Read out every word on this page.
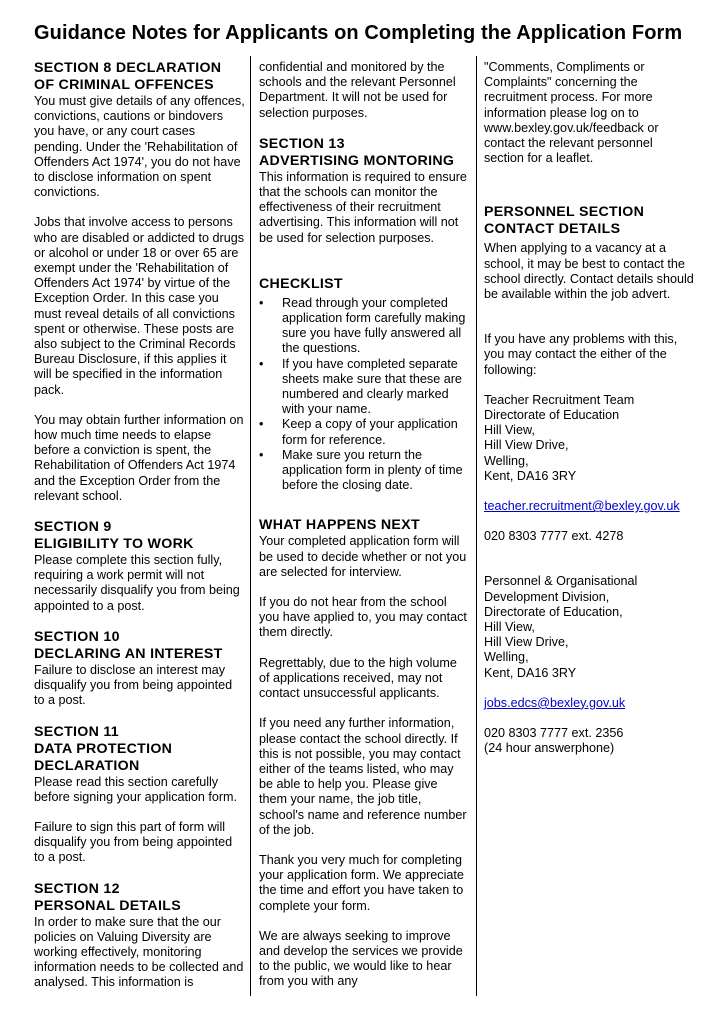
Guidance Notes for Applicants on Completing the Application Form
SECTION 8 DECLARATION
OF CRIMINAL OFFENCES

You must give details of any offences, convictions, cautions or bindovers you have, or any court cases pending. Under the 'Rehabilitation of Offenders Act 1974', you do not have to disclose information on spent convictions.

Jobs that involve access to persons who are disabled or addicted to drugs or alcohol or under 18 or over 65 are exempt under the 'Rehabilitation of Offenders Act 1974' by virtue of the Exception Order. In this case you must reveal details of all convictions spent or otherwise. These posts are also subject to the Criminal Records Bureau Disclosure, if this applies it will be specified in the information pack.

You may obtain further information on how much time needs to elapse before a conviction is spent, the Rehabilitation of Offenders Act 1974 and the Exception Order from the relevant school.

SECTION 9
ELIGIBILITY TO WORK

Please complete this section fully, requiring a work permit will not necessarily disqualify you from being appointed to a post.

SECTION 10
DECLARING AN INTEREST

Failure to disclose an interest may disqualify you from being appointed to a post.

SECTION 11
DATA PROTECTION
DECLARATION

Please read this section carefully before signing your application form.

Failure to sign this part of form will disqualify you from being appointed to a post.

SECTION 12
PERSONAL DETAILS

In order to make sure that the our policies on Valuing Diversity are working effectively, monitoring information needs to be collected and analysed. This information is

confidential and monitored by the schools and the relevant Personnel Department. It will not be used for selection purposes.

SECTION 13
ADVERTISING MONTORING

This information is required to ensure that the schools can monitor the effectiveness of their recruitment advertising. This information will not be used for selection purposes.

CHECKLIST
• Read through your completed application form carefully making sure you have fully answered all the questions.
• If you have completed separate sheets make sure that these are numbered and clearly marked with your name.
• Keep a copy of your application form for reference.
• Make sure you return the application form in plenty of time before the closing date.
WHAT HAPPENS NEXT

Your completed application form will be used to decide whether or not you are selected for interview.

If you do not hear from the school you have applied to, you may contact them directly.

Regrettably, due to the high volume of applications received, may not contact unsuccessful applicants.

If you need any further information, please contact the school directly. If this is not possible, you may contact either of the teams listed, who may be able to help you. Please give them your name, the job title, school's name and reference number of the job.

Thank you very much for completing your application form. We appreciate the time and effort you have taken to complete your form.

We are always seeking to improve and develop the services we provide to the public, we would like to hear from you with any

"Comments, Compliments or Complaints" concerning the recruitment process. For more information please log on to www.bexley.gov.uk/feedback or contact the relevant personnel section for a leaflet.

PERSONNEL SECTION
CONTACT DETAILS

When applying to a vacancy at a school, it may be best to contact the school directly. Contact details should be available within the job advert.

If you have any problems with this, you may contact the either of the following:

Teacher Recruitment Team
Directorate of Education
Hill View,
Hill View Drive,
Welling,
Kent, DA16 3RY

teacher.recruitment@bexley.gov.uk

020 8303 7777 ext. 4278

Personnel & Organisational
Development Division,
Directorate of Education,
Hill View,
Hill View Drive,
Welling,
Kent, DA16 3RY

jobs.edcs@bexley.gov.uk

020 8303 7777 ext. 2356
(24 hour answerphone)
